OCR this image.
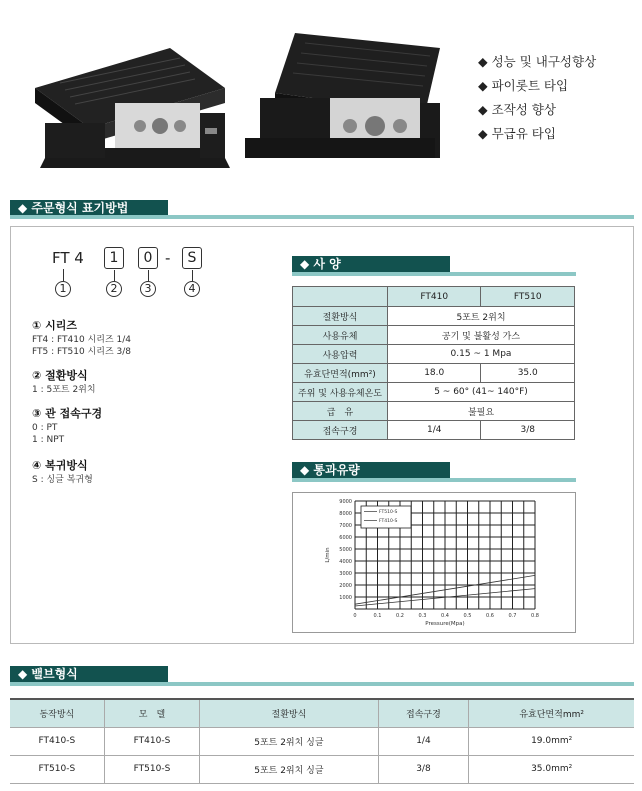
◆ 성능 및 내구성향상
◆ 파이롯트 타입
◆ 조작성 향상
◆ 무급유 타입
◆ 주문형식 표기방법
FT 4	1	0 -	S
1	2	3	4
① 시리즈
FT4 : FT410 시리즈 1/4
FT5 : FT510 시리즈 3/8
② 절환방식
1 : 5포트 2위치
③ 관 접속구경
0 : PT
1 : NPT
④ 복귀방식
S : 싱글 복귀형
◆ 사 양
	FT410	FT510
절환방식	5포트 2위치	
사용유체	공기 및 불활성 가스	
사용압력	0.15 ~ 1 Mpa	
유효단면적(mm²)	18.0	35.0
주위 및 사용유체온도	5 ~ 60° (41~ 140°F)	
급　유	불필요	
접속구경	1/4	3/8
◆ 통과유량
1000
2000
3000
4000
5000
6000
7000
8000
9000
0	0.1	0.2	0.3	0.4	0.5	0.6	0.7	0.8
Pressure(Mpa)
L/min
FT510-S
FT410-S
◆ 밸브형식
동작방식	모　델	절환방식	접속구경	유효단면적mm²
FT410-S	FT410-S	5포트 2위치 싱글	1/4	19.0mm²
FT510-S	FT510-S	5포트 2위치 싱글	3/8	35.0mm²
